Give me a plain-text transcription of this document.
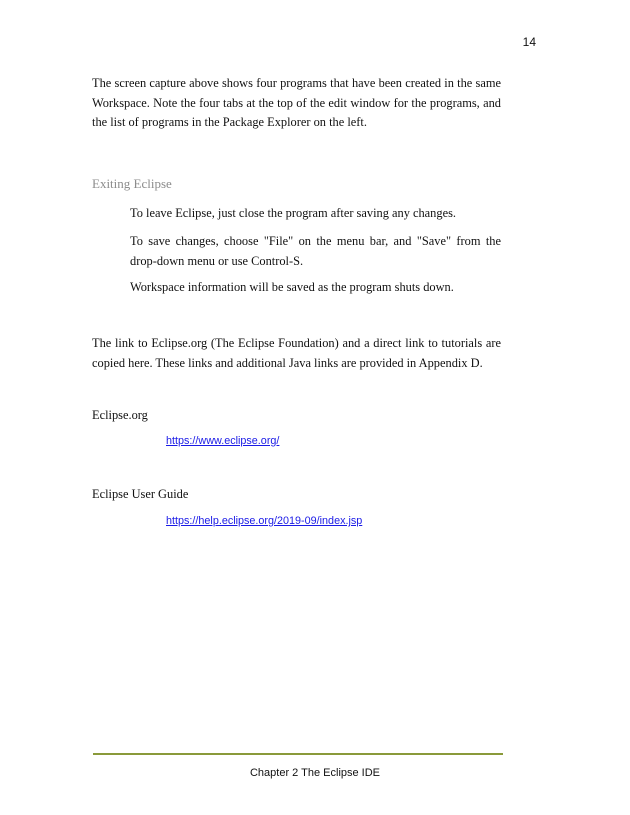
14

The screen capture above shows four programs that have been created in the same Workspace. Note the four tabs at the top of the edit window for the programs, and the list of programs in the Package Explorer on the left.

Exiting Eclipse

To leave Eclipse, just close the program after saving any changes.

To save changes, choose "File" on the menu bar, and "Save" from the drop-down menu or use Control-S.

Workspace information will be saved as the program shuts down.

The link to Eclipse.org (The Eclipse Foundation) and a direct link to tutorials are copied here. These links and additional Java links are provided in Appendix D.

Eclipse.org

https://www.eclipse.org/

Eclipse User Guide

https://help.eclipse.org/2019-09/index.jsp
Chapter 2 The Eclipse IDE
